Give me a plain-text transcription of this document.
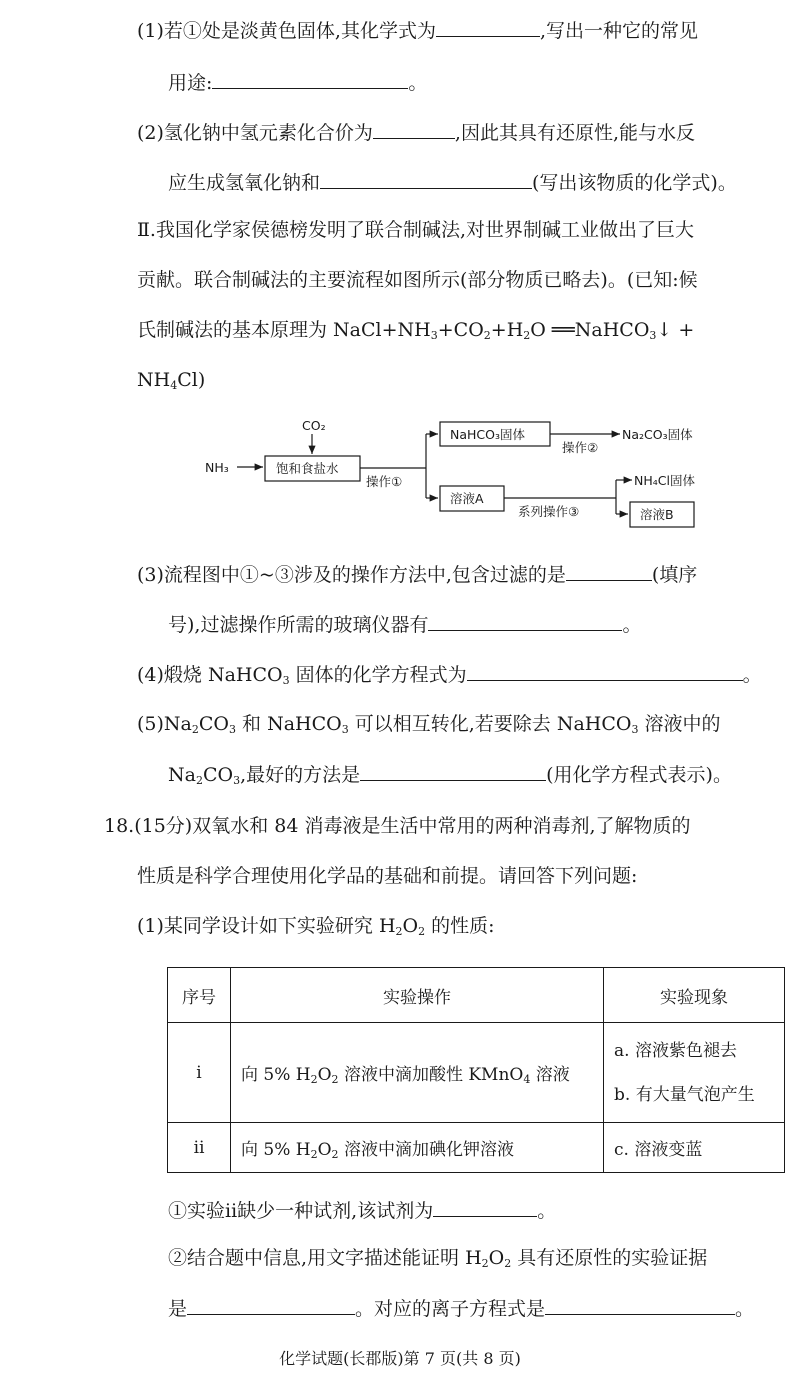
(1)若①处是淡黄色固体,其化学式为	,写出一种它的常见
用途:	。
(2)氢化钠中氢元素化合价为	,因此其具有还原性,能与水反
应生成氢氧化钠和	(写出该物质的化学式)。
Ⅱ.我国化学家侯德榜发明了联合制碱法,对世界制碱工业做出了巨大
贡献。联合制碱法的主要流程如图所示(部分物质已略去)。(已知:候
氏制碱法的基本原理为 $NaCl+NH_3+CO_2+H_2O$ ══NaHCO$_3$↓ +
$NH_4Cl$)
CO₂
NH₃	饱和食盐水
操作①
NaHCO₃固体
操作②
Na₂CO₃固体
溶液A
系列操作③
NH₄Cl固体
溶液B
(3)流程图中①~③涉及的操作方法中,包含过滤的是	(填序
号),过滤操作所需的玻璃仪器有	。
(4)煅烧 NaHCO$_3$ 固体的化学方程式为	。
$(5)Na_2CO_3$ 和 NaHCO$_3$ 可以相互转化,若要除去 NaHCO$_3$ 溶液中的
$Na_2CO_3$,最好的方法是	(用化学方程式表示)。
18.(15分)双氧水和 84 消毒液是生活中常用的两种消毒剂,了解物质的
性质是科学合理使用化学品的基础和前提。请回答下列问题:
(1)某同学设计如下实验研究 $H_2O_2$ 的性质:
序号	实验操作	实验现象
ⅰ	向 5% $H_2O_2$ 溶液中滴加酸性 KMnO$_4$ 溶液	a. 溶液紫色褪去
b. 有大量气泡产生

ⅱ	向 5% $H_2O_2$ 溶液中滴加碘化钾溶液	c. 溶液变蓝
①实验ⅱ缺少一种试剂,该试剂为	。
②结合题中信息,用文字描述能证明 $H_2O_2$ 具有还原性的实验证据
是	。对应的离子方程式是	。
化学试题(长郡版)第 7 页(共 8 页)
